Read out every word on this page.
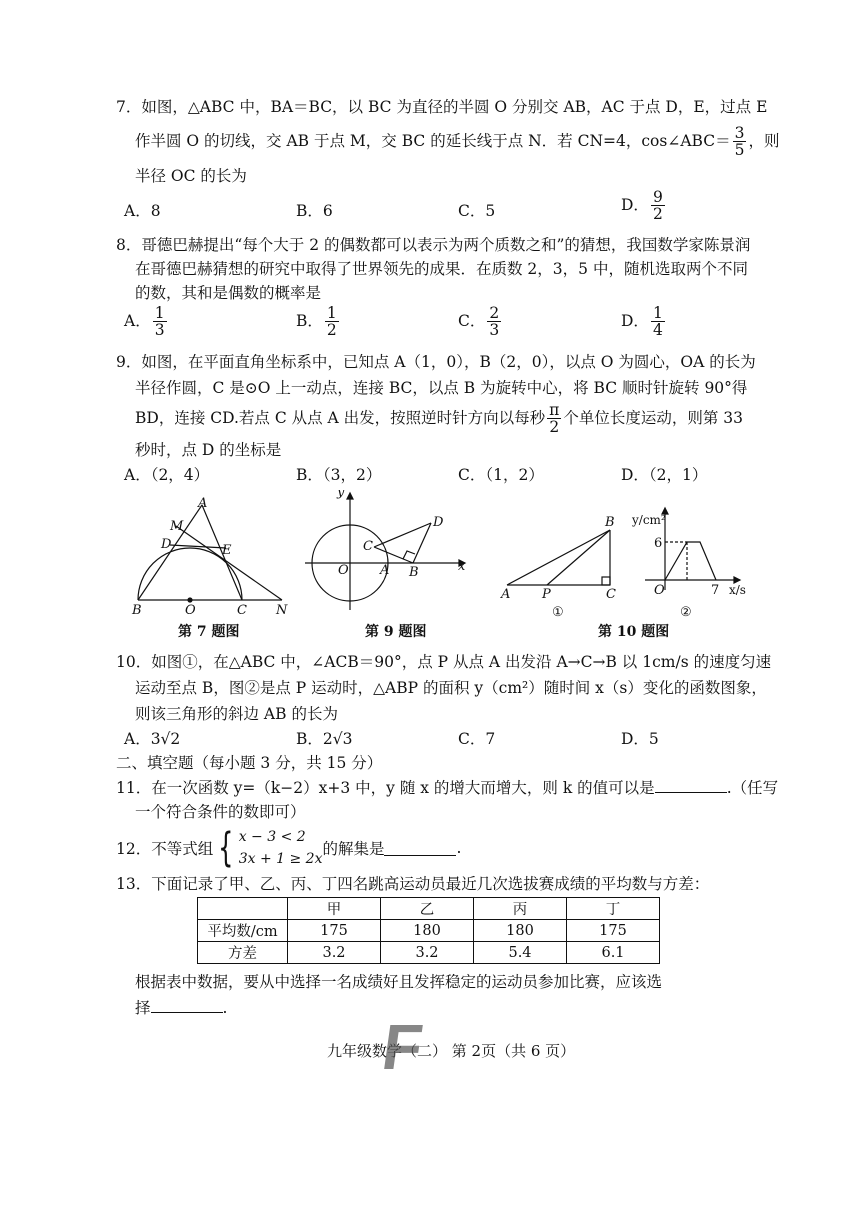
7．如图，△ABC 中，BA＝BC，以 BC 为直径的半圆 O 分别交 AB，AC 于点 D，E，过点 E
作半圆 O 的切线，交 AB 于点 M，交 BC 的延长线于点 N．若 CN=4，cos∠ABC＝ $\frac{3}{5}$ ，则
半径 OC 的长为
A．8	B．6	C．5	D． $\frac{9}{2}$
8．哥德巴赫提出“每个大于 2 的偶数都可以表示为两个质数之和”的猜想，我国数学家陈景润
在哥德巴赫猜想的研究中取得了世界领先的成果．在质数 2，3，5 中，随机选取两个不同
的数，其和是偶数的概率是
A． $\frac{1}{3}$	B． $\frac{1}{2}$	C． $\frac{2}{3}$	D． $\frac{1}{4}$
9．如图，在平面直角坐标系中，已知点 A（1，0），B（2，0），以点 O 为圆心，OA 的长为
半径作圆，C 是⊙O 上一动点，连接 BC，以点 B 为旋转中心，将 BC 顺时针旋转 90°得
BD，连接 CD.若点 C 从点 A 出发，按照逆时针方向以每秒 $\frac{\pi}{2}$ 个单位长度运动，则第 33
秒时，点 D 的坐标是
A．（2，4）	B．（3，2）	C．（1，2）	D．（2，1）
A
M
D	E
B	O	C N
第 7 题图
y
C
D
O A B	x
第 9 题图
B
A P	C
①
y/cm²
6
O	7 x/s
②
第 10 题图
10．如图①，在△ABC 中，∠ACB＝90°，点 P 从点 A 出发沿 A→C→B 以 1cm/s 的速度匀速
运动至点 B，图②是点 P 运动时，△ABP 的面积 y（cm²）随时间 x（s）变化的函数图象，
则该三角形的斜边 AB 的长为
A．3√2	B．2√3	C．7	D．5
二、填空题（每小题 3 分，共 15 分）
11．在一次函数 y=（k−2）x+3 中，y 随 x 的增大而增大，则 k 的值可以是	.（任写
一个符合条件的数即可）
12．不等式组 { x − 3 < 2
3x + 1 ≥ 2x
的解集是	.
13．下面记录了甲、乙、丙、丁四名跳高运动员最近几次选拔赛成绩的平均数与方差：
	甲	乙	丙	丁
平均数/cm	175	180	180	175
方差	3.2	3.2	5.4	6.1
根据表中数据，要从中选择一名成绩好且发挥稳定的运动员参加比赛，应该选
择	.
九年级数学（二） 第 2页（共 6 页）
F
